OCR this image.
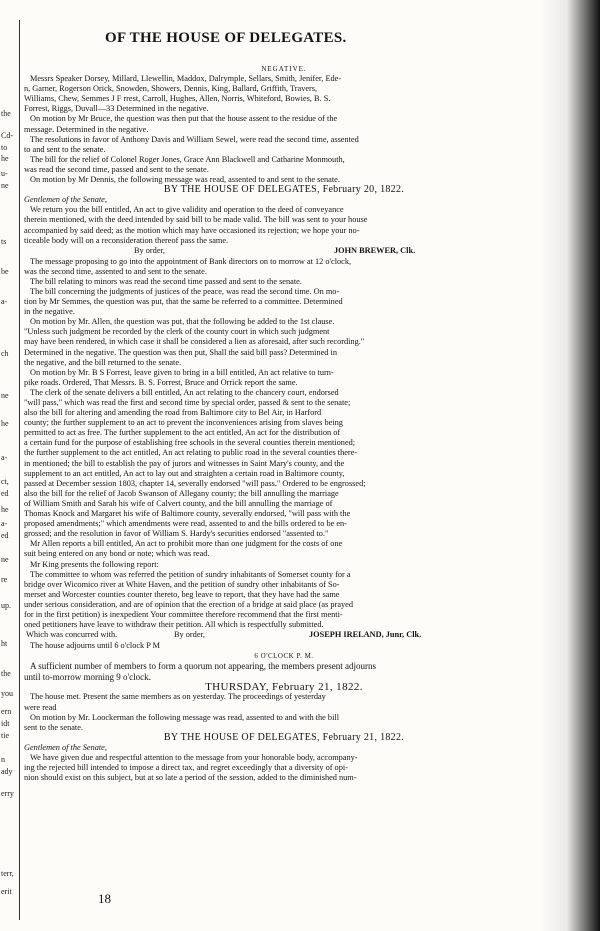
the
Cd-
to
he
u-
ne
ts
be
a-
ch
ne
he
a-
ct,
ed
he
a-
ed
ne
re
up.
ht
the
you
ern
idt
tie
n
ady
erry
terr,
erit
OF THE HOUSE OF DELEGATES.

NEGATIVE.

Messrs Speaker Dorsey, Millard, Llewellin, Maddox, Dalrymple, Sellars, Smith, Jenifer, Ede-
n, Garner, Rogerson Orick, Snowden, Showers, Dennis, King, Ballard, Griffith, Travers,
Williams, Chew, Semmes J F rrest, Carroll, Hughes, Allen, Norris, Whiteford, Bowies, B. S.
Forrest, Riggs, Duvall—33 Determined in the negative.

On motion by Mr Bruce, the question was then put that the house assent to the residue of the
message. Determined in the negative.

The resolutions in favor of Anthony Davis and William Sewel, were read the second time, assented
to and sent to the senate.

The bill for the relief of Colonel Roger Jones, Grace Ann Blackwell and Catharine Monmouth,
was read the second time, passed and sent to the senate.

On motion by Mr Dennis, the following message was read, assented to and sent to the senate.

BY THE HOUSE OF DELEGATES, February 20, 1822.

Gentlemen of the Senate,

We return you the bill entitled, An act to give validity and operation to the deed of conveyance
therein mentioned, with the deed intended by said bill to be made valid. The bill was sent to your house
accompanied by said deed; as the motion which may have occasioned its rejection; we hope your no-
ticeable body will on a reconsideration thereof pass the same.

By order,	JOHN BREWER, Clk.

The message proposing to go into the appointment of Bank directors on to morrow at 12 o'clock,
was the second time, assented to and sent to the senate.

The bill relating to minors was read the second time passed and sent to the senate.

The bill concerning the judgments of justices of the peace, was read the second time. On mo-
tion by Mr Semmes, the question was put, that the same be referred to a committee. Determined
in the negative.

On motion by Mr. Allen, the question was put, that the following be added to the 1st clause.
"Unless such judgment be recorded by the clerk of the county court in which such judgment
may have been rendered, in which case it shall be considered a lien as aforesaid, after such recording."
Determined in the negative. The question was then put, Shall the said bill pass? Determined in
the negative, and the bill returned to the senate.

On motion by Mr. B S Forrest, leave given to bring in a bill entitled, An act relative to turn-
pike roads. Ordered, That Messrs. B. S. Forrest, Bruce and Orrick report the same.

The clerk of the senate delivers a bill entitled, An act relating to the chancery court, endorsed
"will pass," which was read the first and second time by special order, passed & sent to the senate;
also the bill for altering and amending the road from Baltimore city to Bel Air, in Harford
county; the further supplement to an act to prevent the inconveniences arising from slaves being
permitted to act as free. The further supplement to the act entitled, An act for the distribution of
a certain fund for the purpose of establishing free schools in the several counties therein mentioned;
the further supplement to the act entitled, An act relating to public road in the several counties there-
in mentioned; the bill to establish the pay of jurors and witnesses in Saint Mary's county, and the
supplement to an act entitled, An act to lay out and straighten a certain road in Baltimore county,
passed at December session 1803, chapter 14, severally endorsed "will pass." Ordered to be engrossed;
also the bill for the relief of Jacob Swanson of Allegany county; the bill annulling the marriage
of William Smith and Sarah his wife of Calvert county, and the bill annulling the marriage of
Thomas Knock and Margaret his wife of Baltimore county, severally endorsed, "will pass with the
proposed amendments;" which amendments were read, assented to and the bills ordered to be en-
grossed; and the resolution in favor of William S. Hardy's securities endorsed "assented to."

Mr Allen reports a bill entitled, An act to prohibit more than one judgment for the costs of one
suit being entered on any bond or note; which was read.

Mr King presents the following report:

The committee to whom was referred the petition of sundry inhabitants of Somerset county for a
bridge over Wicomico river at White Haven, and the petition of sundry other inhabitants of So-
merset and Worcester counties counter thereto, beg leave to report, that they have had the same
under serious consideration, and are of opinion that the erection of a bridge at said place (as prayed
for in the first petition) is inexpedient Your committee therefore recommend that the first menti-
oned petitioners have leave to withdraw their petition. All which is respectfully submitted.

Which was concurred with.	By order,	JOSEPH IRELAND, Junr, Clk.

The house adjourns until 6 o'clock P M

6 O'CLOCK P. M.

A sufficient number of members to form a quorum not appearing, the members present adjourns
until to-morrow morning 9 o'clock.

THURSDAY, February 21, 1822.

The house met. Present the same members as on yesterday. The proceedings of yesterday
were read

On motion by Mr. Loockerman the following message was read, assented to and with the bill
sent to the senate.

BY THE HOUSE OF DELEGATES, February 21, 1822.

Gentlemen of the Senate,

We have given due and respectful attention to the message from your honorable body, accompany-
ing the rejected bill intended to impose a direct tax, and regret exceedingly that a diversity of opi-
nion should exist on this subject, but at so late a period of the session, added to the diminished num-

18
